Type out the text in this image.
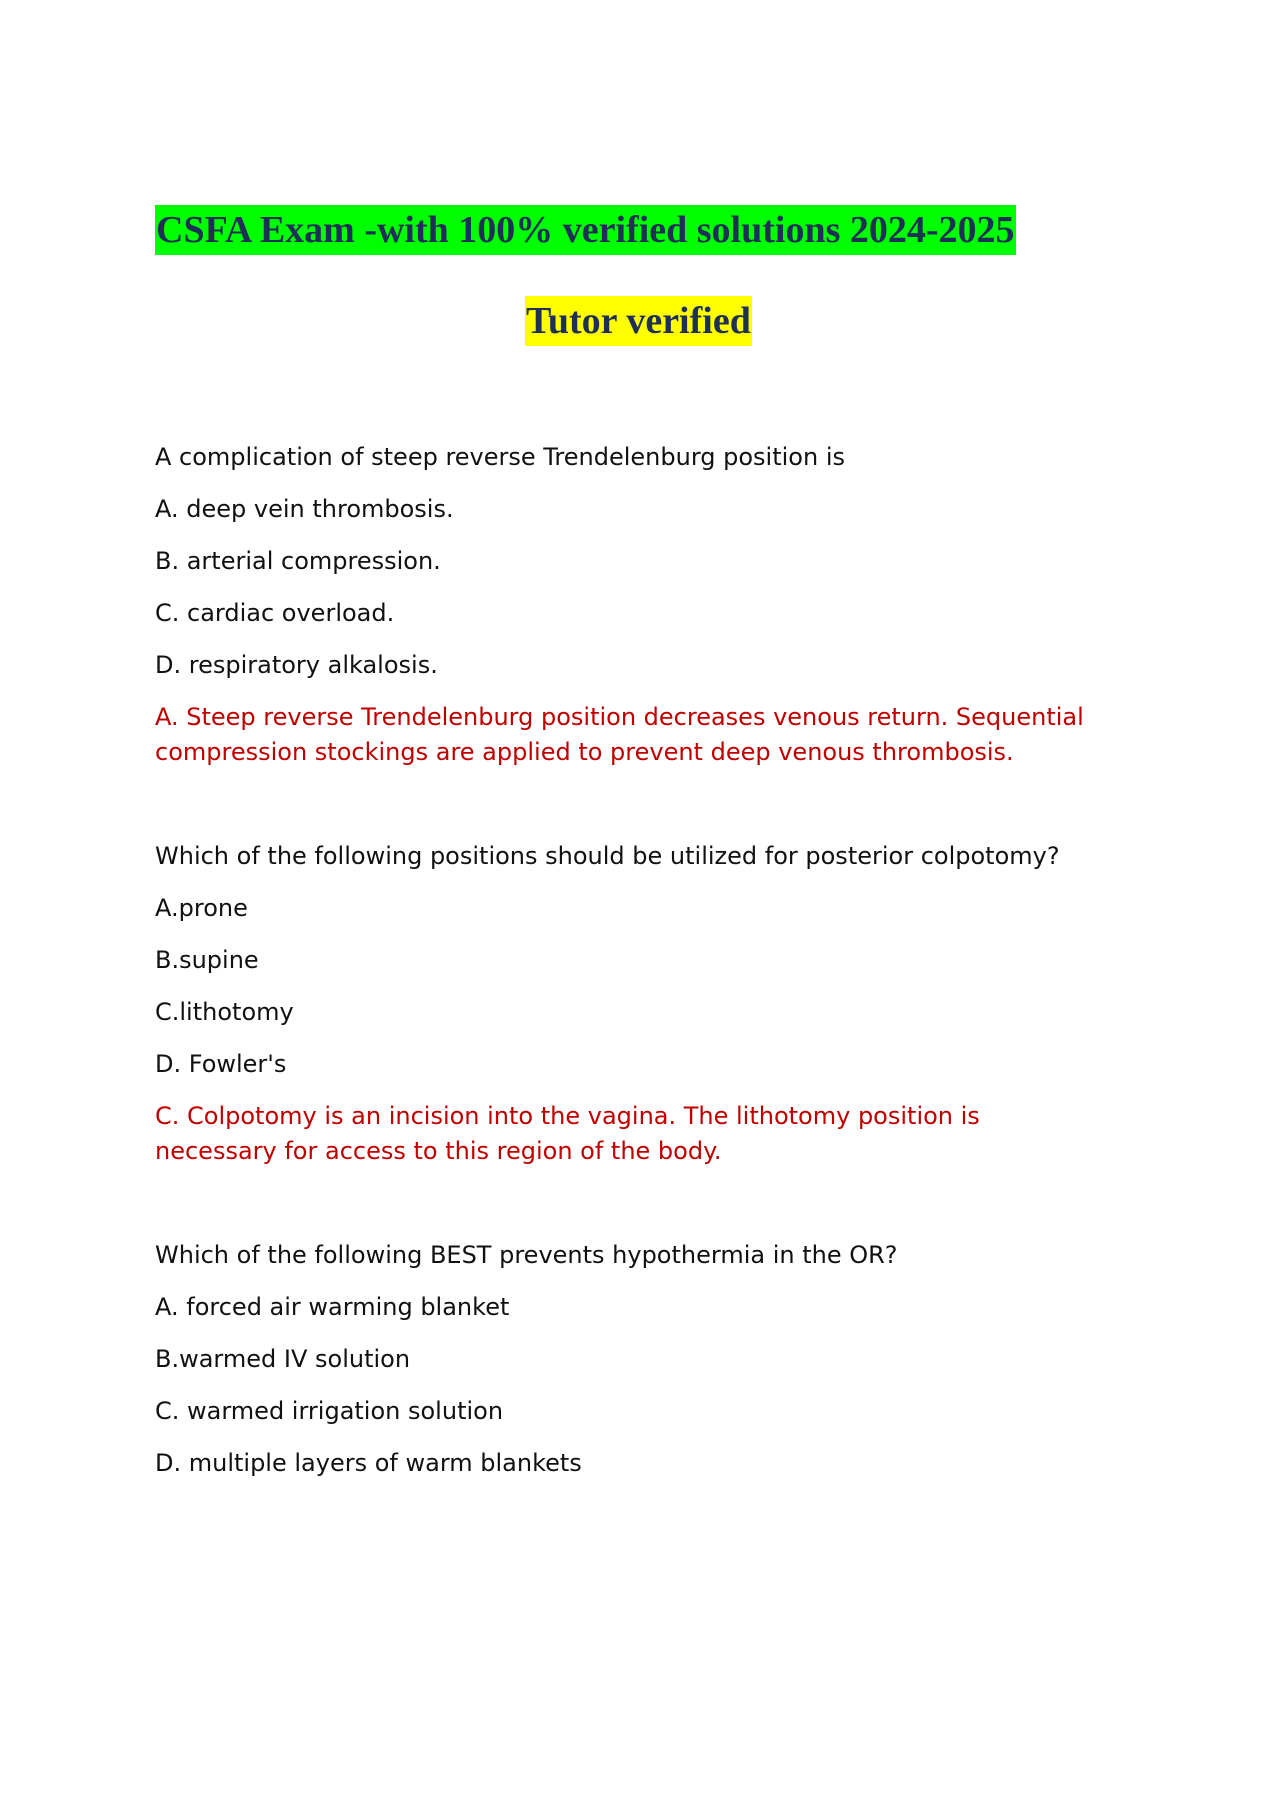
CSFA Exam -with 100% verified solutions 2024-2025
Tutor verified

A complication of steep reverse Trendelenburg position is

A. deep vein thrombosis.

B. arterial compression.

C. cardiac overload.

D. respiratory alkalosis.

A. Steep reverse Trendelenburg position decreases venous return. Sequential compression stockings are applied to prevent deep venous thrombosis.

Which of the following positions should be utilized for posterior colpotomy?

A.prone

B.supine

C.lithotomy

D. Fowler's

C. Colpotomy is an incision into the vagina. The lithotomy position is necessary for access to this region of the body.

Which of the following BEST prevents hypothermia in the OR?

A. forced air warming blanket

B.warmed IV solution

C. warmed irrigation solution

D. multiple layers of warm blankets
